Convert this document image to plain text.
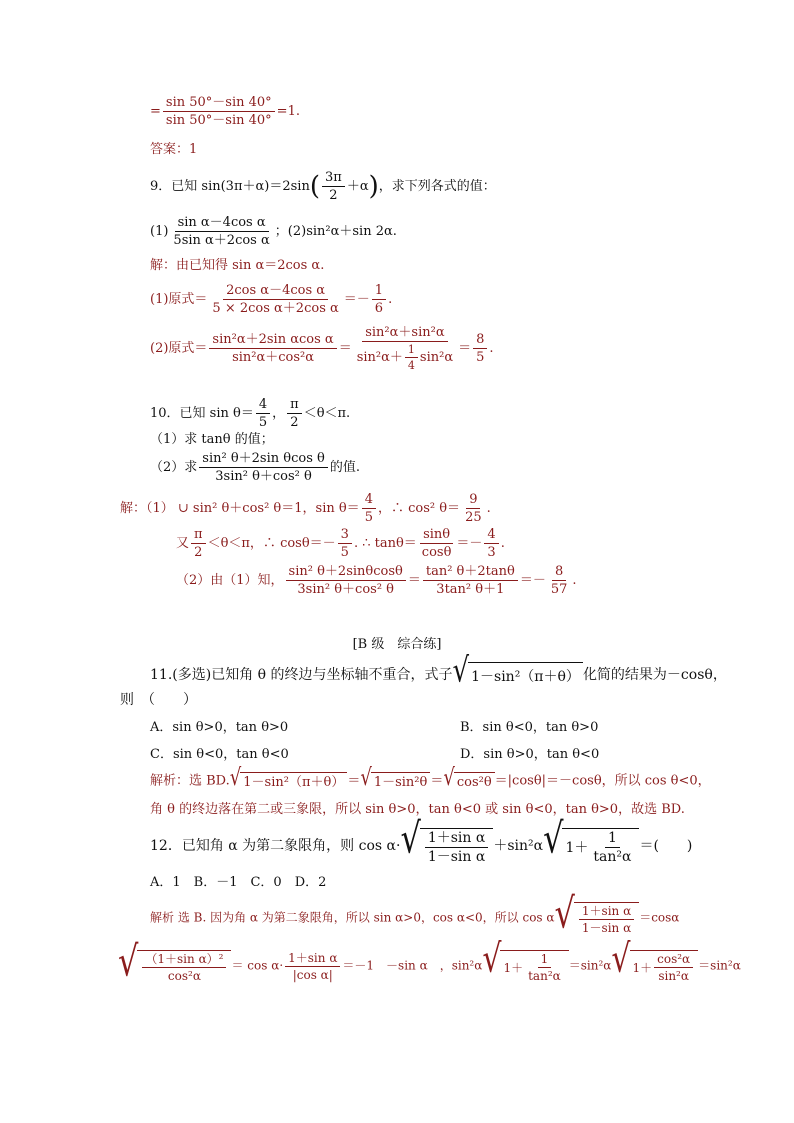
= $\frac{\sin 50^\circ-\sin 40^\circ}{\sin 50^\circ-\sin 40^\circ} =1$.
答案：1
9．已知 $\sin(3\pi+\alpha)=2\sin( \frac{3\pi}{2} +\alpha)$，求下列各式的值：
$(1) \frac{\text{sin α－4cos α}}{\text{5sin α＋2cos α}}$ ；(2)sin²α＋sin 2α.
解：由已知得 sin α＝2cos α.
(1)原式＝ $\frac{\text{2cos α－4cos α}}{\text{5 × 2cos α＋2cos α}} =- \frac{1}{6}$ .
(2)原式＝ $\frac{\text{sin²α＋2sin αcos α}}{\text{sin²α＋cos²α}} = \frac{\text{sin²α＋sin²α}}{\sin^2\alpha+ \frac{1}{4} \sin^2\alpha} = \frac{8}{5}$ .
10．已知 $\sin \theta= \frac{4}{5}$ ， $\frac{\pi}{2} <\theta<\pi$.
（1）求 tanθ 的值；
（2）求 $\frac{\text{sin² θ＋2sin θcos θ}}{\text{3sin² θ＋cos² θ}}$ 的值.
解：（1） ∪ sin² θ＋cos² θ＝1，$\sin \theta= \frac{4}{5}$ ，∴ cos² $\theta= \frac{9}{25}$ .
又 $\frac{\pi}{2} <\theta<\pi$，∴ $\cos\theta=- \frac{3}{5}$ . ∴ $\tan\theta= \frac{\sin\theta}{\cos\theta} =- \frac{4}{3}$ .
（2）由（1）知， $\frac{\text{sin² θ＋2sinθcosθ}}{\text{3sin² θ＋cos² θ}} = \frac{\text{tan² θ＋2tanθ}}{\text{3tan² θ＋1}} =- \frac{8}{57}$ .
[B 级　综合练]
11.(多选)已知角 θ 的终边与坐标轴不重合，式子 √ 1－sin²（π＋θ） 化简的结果为－cosθ，
则　（　　）
A．sin θ>0，tan θ>0	B．sin θ<0，tan θ>0
C．sin θ<0，tan θ<0	D．sin θ>0，tan θ<0
解析：选 BD. √ 1－sin²（π＋θ） ＝ √ 1－sin²θ ＝ √ cos²θ ＝|cosθ|＝－cosθ，所以 cos θ<0，
角 θ 的终边落在第二或三象限，所以 sin θ>0，tan θ<0 或 sin θ<0，tan θ>0，故选 BD.
12．已知角 α 为第二象限角，则 cos α· √ $\frac{\text{1＋sin α}}{\text{1－sin α}} +\sin^2\alpha$ √ $1+ \frac{1}{\text{tan²α}}$ ＝(　　)
A．1　B．－1　C．0　D．2
解析 选 B. 因为角 α 为第二象限角，所以 sin α>0，cos α<0，所以 cos α √ $\frac{\text{1＋sin α}}{\text{1－sin α}} =\cos\alpha$
√ $\frac{\text{（1＋sin α）²}}{\text{cos²α}} = \cos \alpha\cdot \frac{\text{1＋sin α}}{\text{|cos α|}} =-1$　－sin α　，sin²α √ $1+ \frac{1}{\text{tan²α}} =\sin^2\alpha$ √ $1+ \frac{\text{cos²α}}{\text{sin²α}} =\sin^2\alpha$
